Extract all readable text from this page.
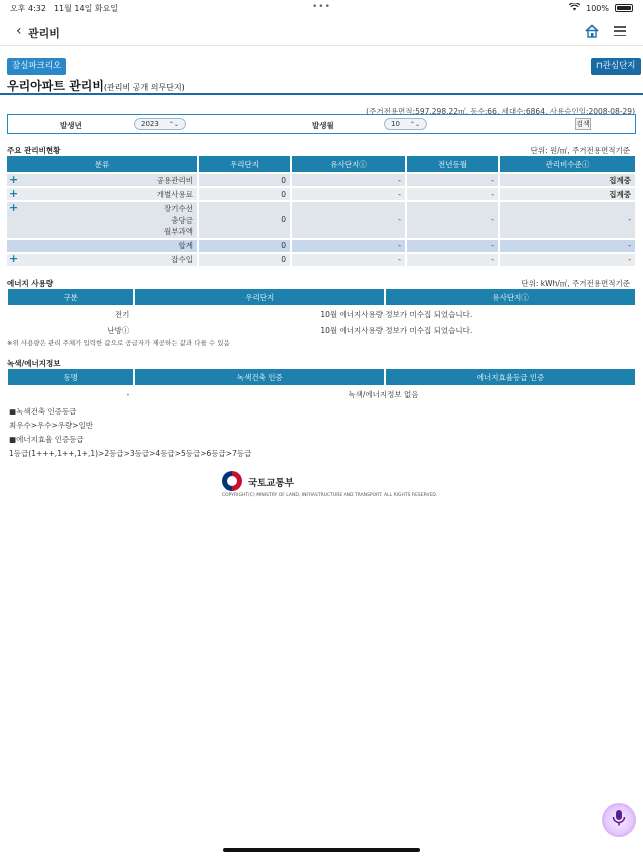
오후 4:32 11월 14일 화요일	•••	100%
‹ 관리비
잠실파크리오	⊓관심단지
우리아파트 관리비(관리비 공개 의무단지)
(주거전용면적:597,298.22㎡, 동수:66, 세대수:6864, 사용승인일:2008-08-29)
발생년	2023 ⌃⌄	발생월	10 ⌃⌄	검색
주요 관리비현황	단위: 원/㎡, 주거전용면적기준
분류	우리단지	유사단지ⓘ	전년동월	관리비수준ⓘ

+ 공용관리비	0	-	-	집계중

+ 개별사용료	0	-	-	집계중

+ 장기수선
충당금
월부과액	0	-	-	-
합계	0	-	-	-

+ 잡수입	0	-	-	-
에너지 사용량	단위: kWh/㎡, 주거전용면적기준
구분	우리단지	유사단지ⓘ
전기	10월 에너지사용량 정보가 미수집 되었습니다.	
난방ⓘ	10월 에너지사용량 정보가 미수집 되었습니다.	
※위 사용량은 관리 주체가 입력한 값으로 공급자가 제공하는 값과 다를 수 있음
녹색/에너지정보
동명	녹색건축 인증	에너지효율등급 인증
-	녹색/에너지정보 없음	
■녹색건축 인증등급
최우수>우수>우량>일반
■에너지효율 인증등급
1등급(1+++,1++,1+,1)>2등급>3등급>4등급>5등급>6등급>7등급
국토교통부
COPYRIGHT(C) MINISTRY OF LAND, INFRASTRUCTURE AND TRANSPORT. ALL RIGHTS RESERVED.
